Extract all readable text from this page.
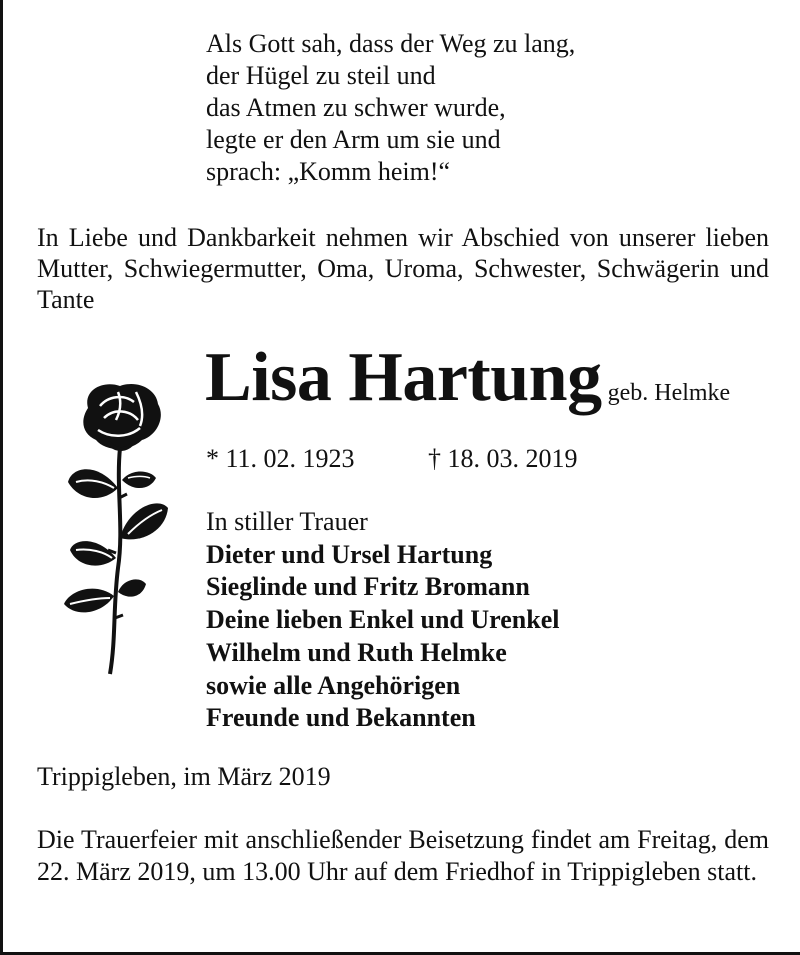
Als Gott sah, dass der Weg zu lang,
der Hügel zu steil und
das Atmen zu schwer wurde,
legte er den Arm um sie und
sprach: „Komm heim!“
In Liebe und Dankbarkeit nehmen wir Abschied von unserer lieben Mutter, Schwiegermutter, Oma, Uroma, Schwester, Schwägerin und Tante
Lisa Hartung geb. Helmke
* 11. 02. 1923	† 18. 03. 2019
In stiller Trauer
Dieter und Ursel Hartung
Sieglinde und Fritz Bromann
Deine lieben Enkel und Urenkel
Wilhelm und Ruth Helmke
sowie alle Angehörigen
Freunde und Bekannten
Trippigleben, im März 2019
Die Trauerfeier mit anschließender Beisetzung findet am Freitag, dem 22. März 2019, um 13.00 Uhr auf dem Friedhof in Trippigleben statt.
